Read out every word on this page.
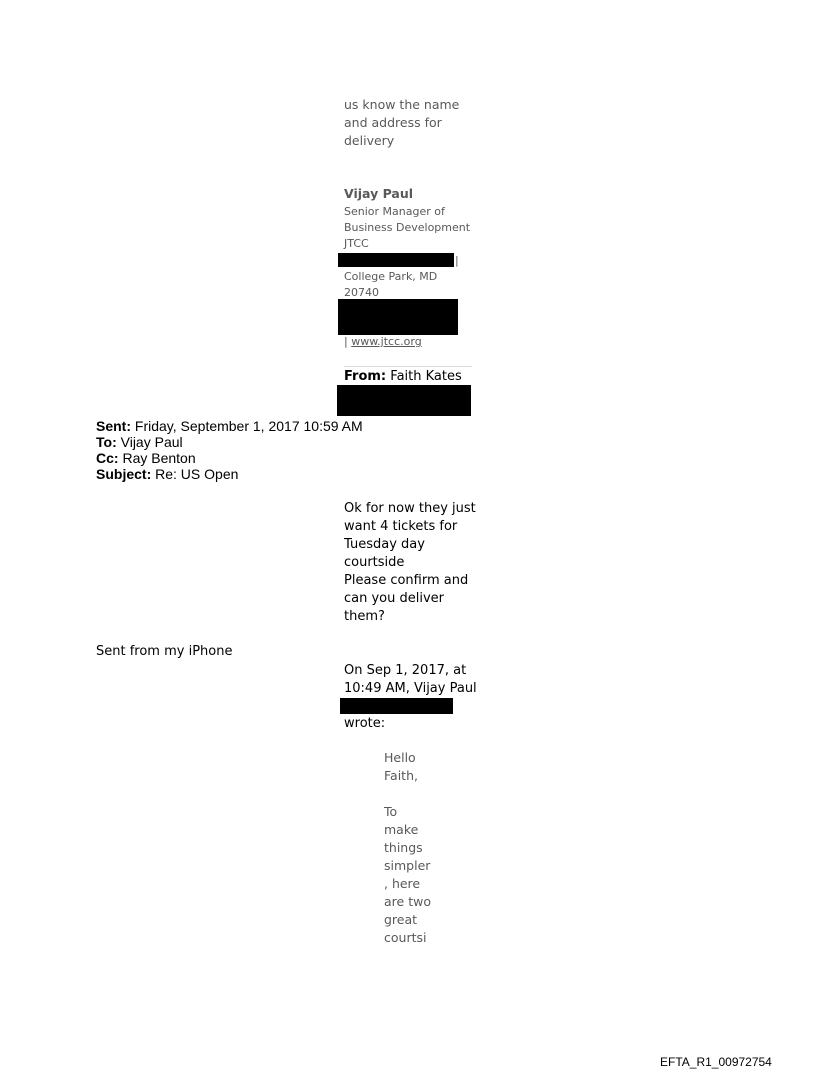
us know the name
and address for
delivery
Vijay Paul
Senior Manager of
Business Development
JTCC
|
College Park, MD
20740
| www.jtcc.org
From: Faith Kates
Sent: Friday, September 1, 2017 10:59 AM
To: Vijay Paul
Cc: Ray Benton
Subject: Re: US Open
Ok for now they just
want 4 tickets for
Tuesday day
courtside
Please confirm and
can you deliver
them?
Sent from my iPhone
On Sep 1, 2017, at
10:49 AM, Vijay Paul
wrote:
Hello
Faith,
To
make
things
simpler
, here
are two
great
courtsi
EFTA_R1_00972754
